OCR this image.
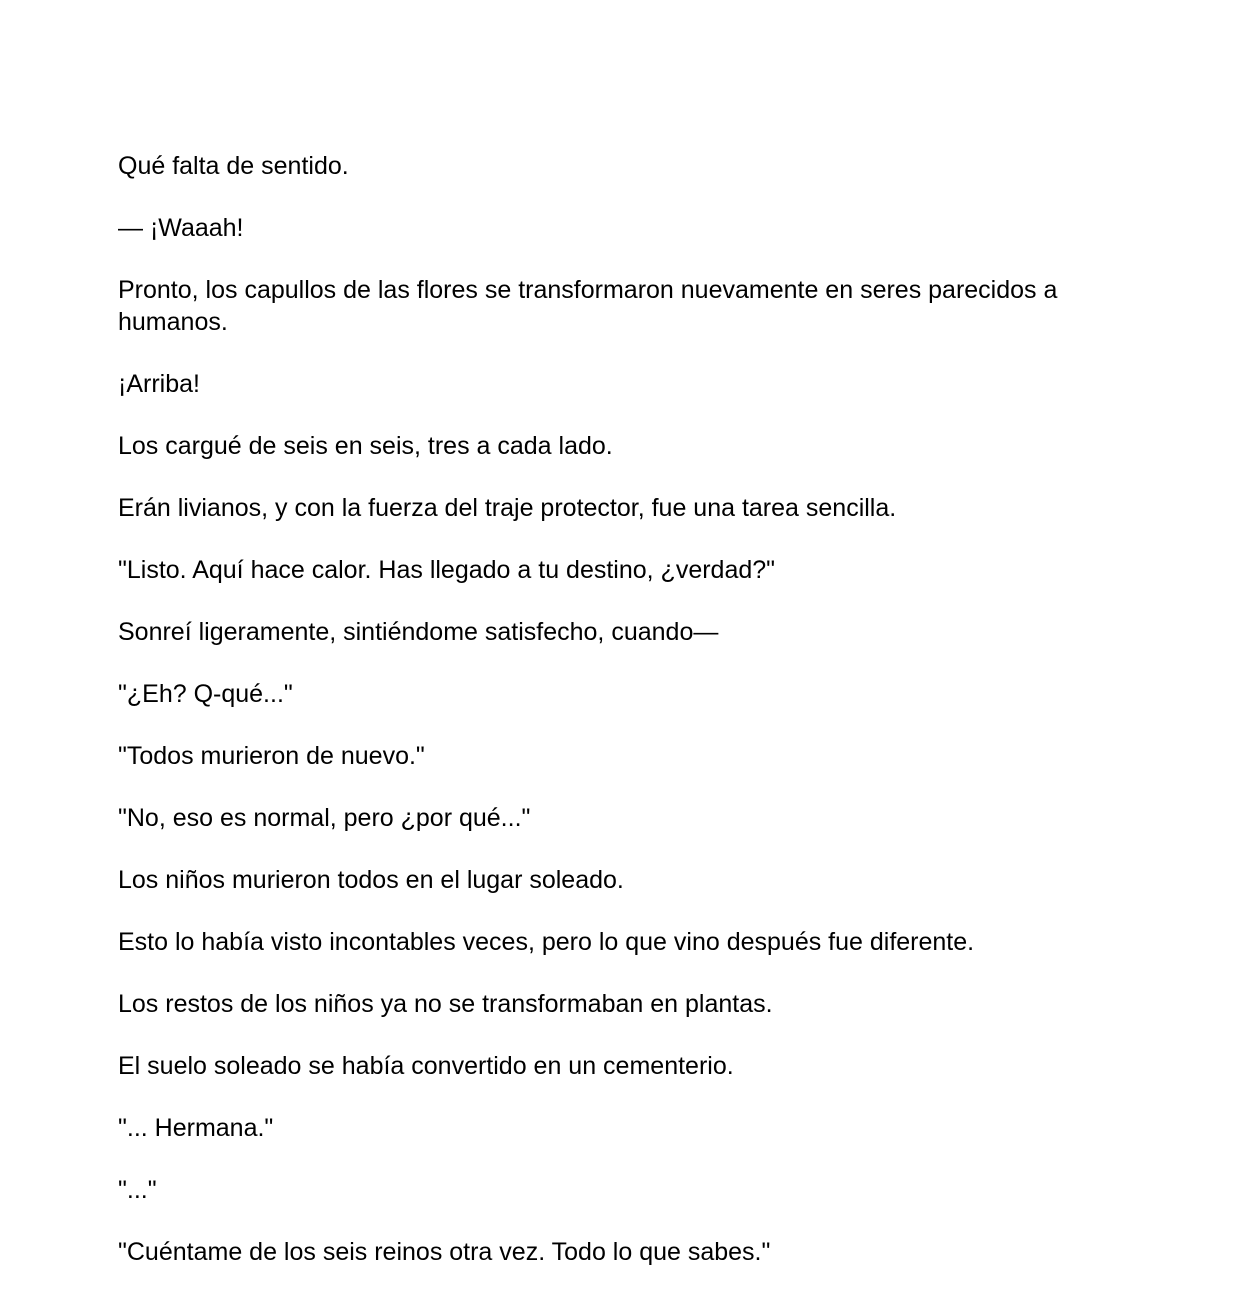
Qué falta de sentido.

— ¡Waaah!

Pronto, los capullos de las flores se transformaron nuevamente en seres parecidos a humanos.

¡Arriba!

Los cargué de seis en seis, tres a cada lado.

Erán livianos, y con la fuerza del traje protector, fue una tarea sencilla.

"Listo. Aquí hace calor. Has llegado a tu destino, ¿verdad?"

Sonreí ligeramente, sintiéndome satisfecho, cuando—

"¿Eh? Q-qué..."

"Todos murieron de nuevo."

"No, eso es normal, pero ¿por qué..."

Los niños murieron todos en el lugar soleado.

Esto lo había visto incontables veces, pero lo que vino después fue diferente.

Los restos de los niños ya no se transformaban en plantas.

El suelo soleado se había convertido en un cementerio.

"... Hermana."

"..."

"Cuéntame de los seis reinos otra vez. Todo lo que sabes."
